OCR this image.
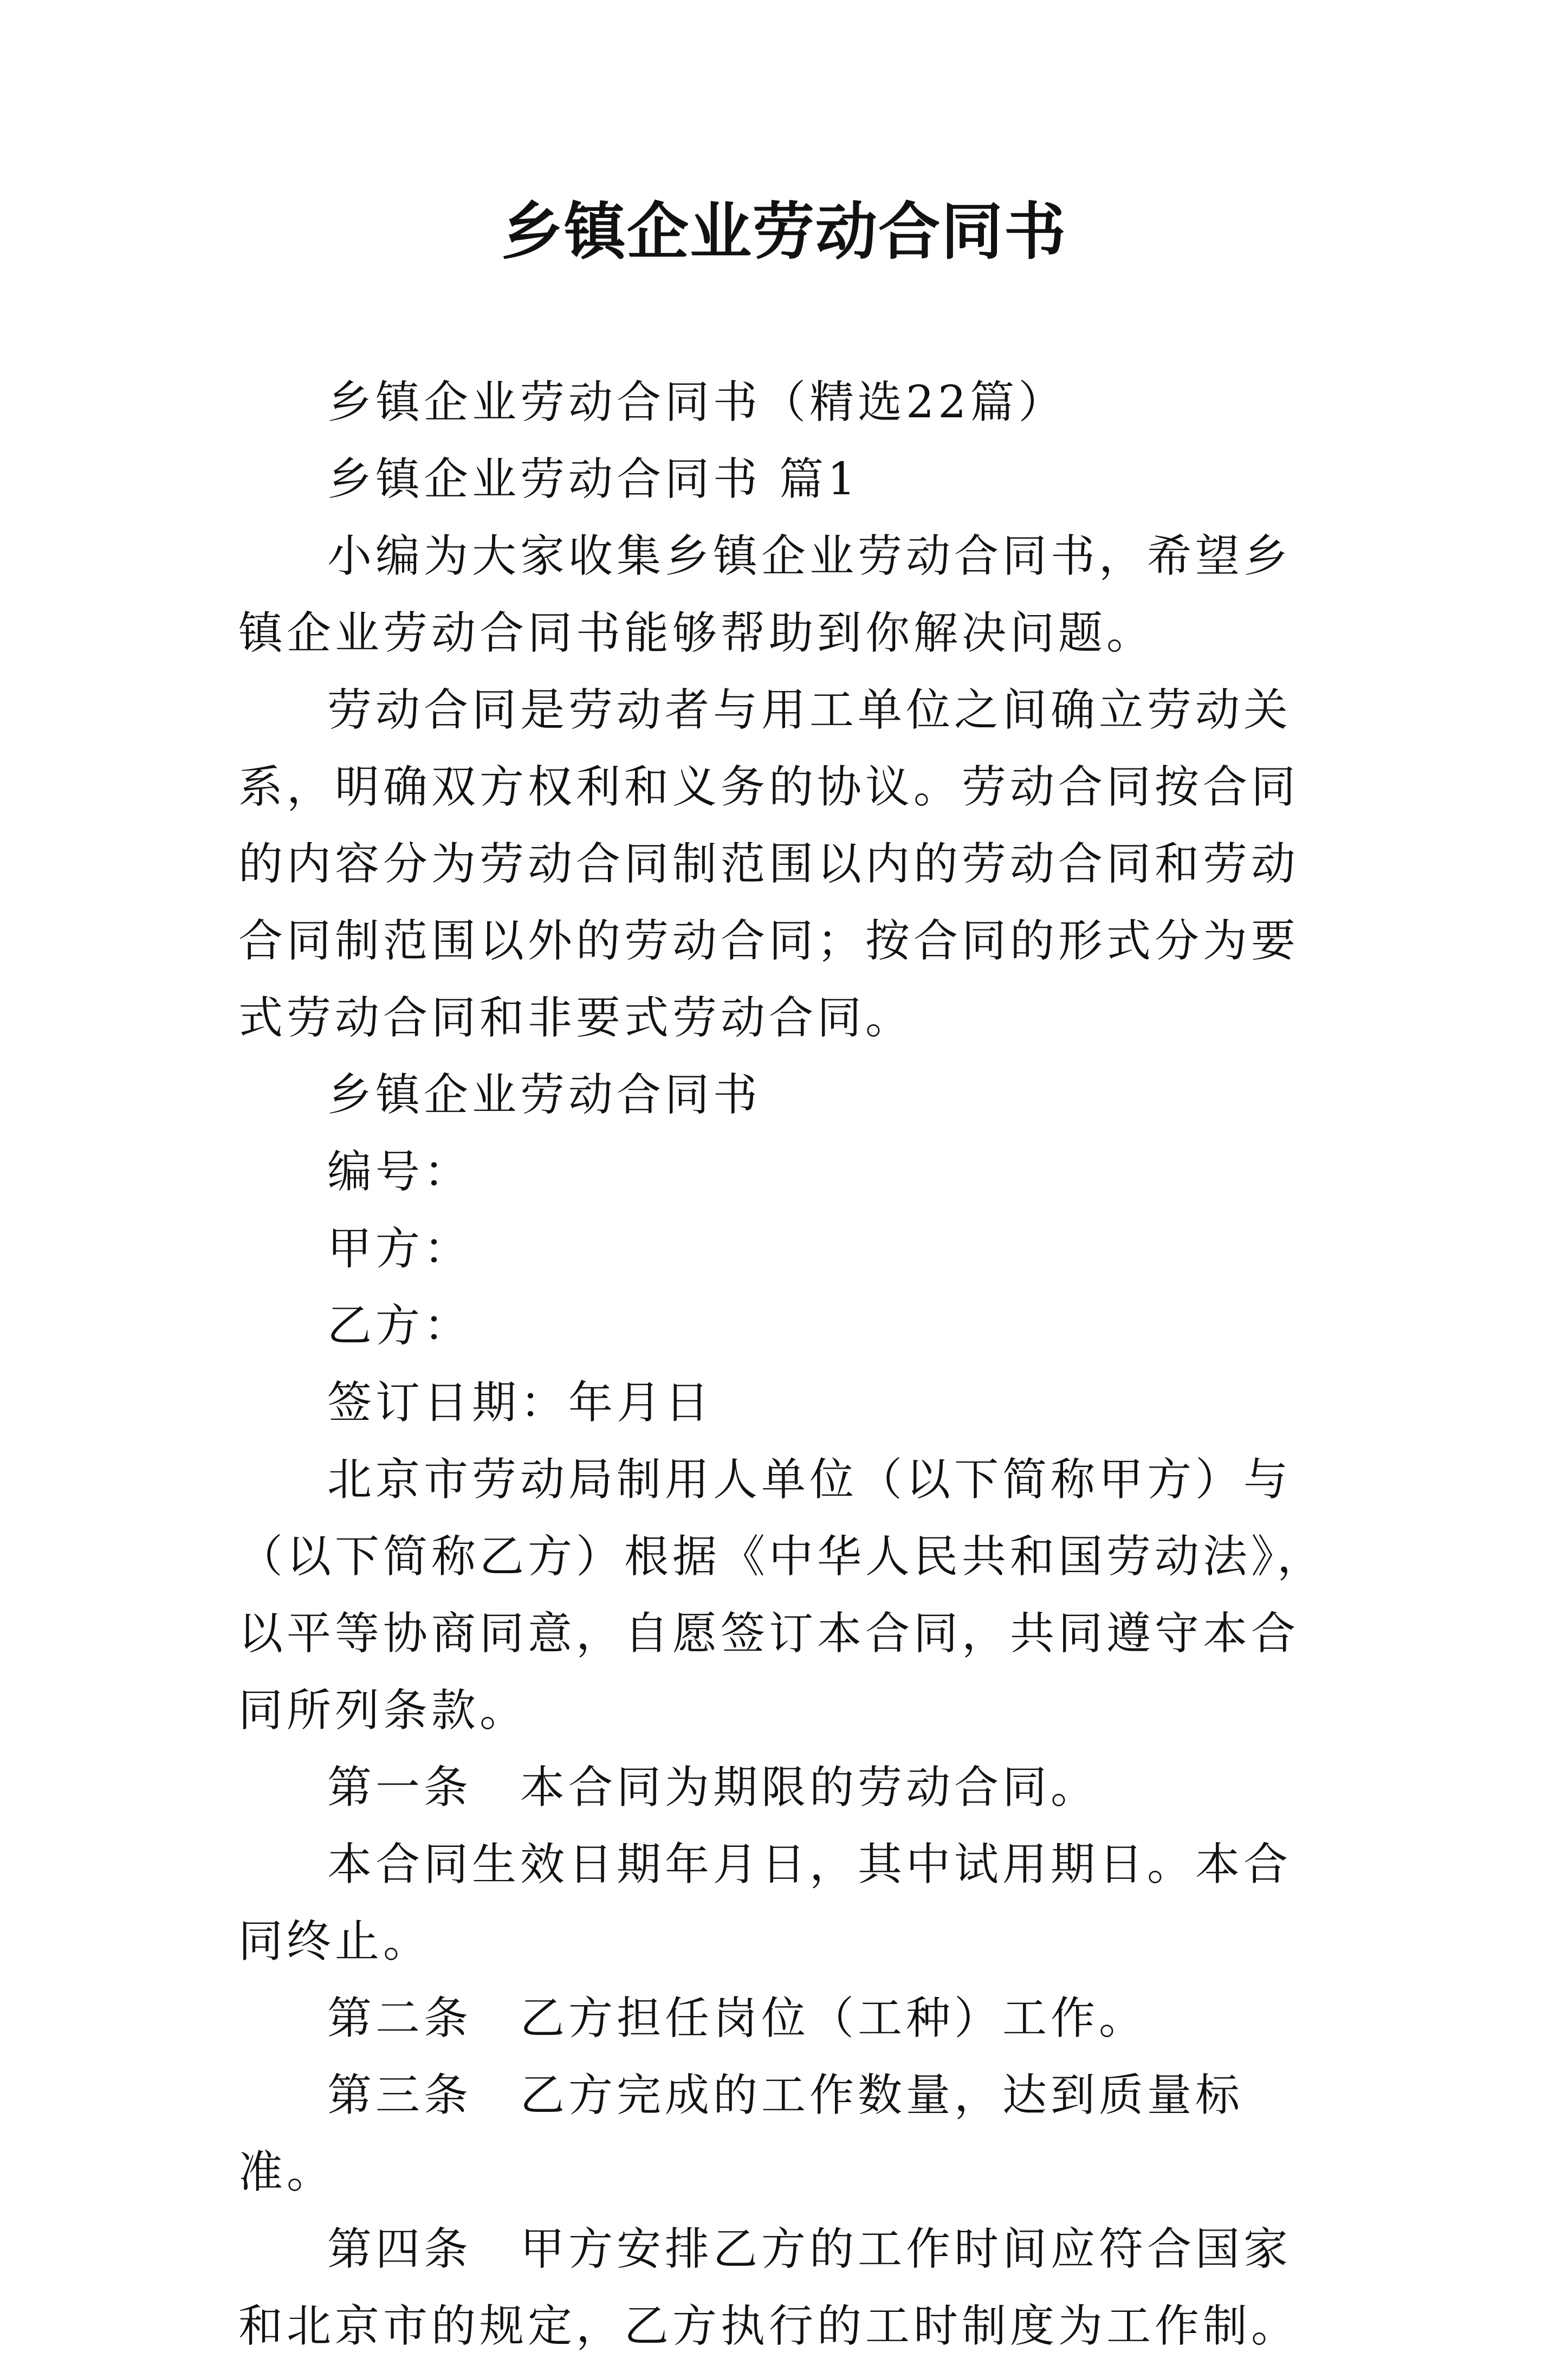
乡镇企业劳动合同书

乡镇企业劳动合同书（精选22篇）

乡镇企业劳动合同书 篇1

小编为大家收集乡镇企业劳动合同书，希望乡镇企业劳动合同书能够帮助到你解决问题。

劳动合同是劳动者与用工单位之间确立劳动关系，明确双方权利和义务的协议。劳动合同按合同的内容分为劳动合同制范围以内的劳动合同和劳动合同制范围以外的劳动合同；按合同的形式分为要式劳动合同和非要式劳动合同。

乡镇企业劳动合同书

编号：

甲方：

乙方：

签订日期：年月日

北京市劳动局制用人单位（以下简称甲方）与（以下简称乙方）根据《中华人民共和国劳动法》，以平等协商同意，自愿签订本合同，共同遵守本合同所列条款。

第一条　本合同为期限的劳动合同。

本合同生效日期年月日，其中试用期日。本合同终止。

第二条　乙方担任岗位（工种）工作。

第三条　乙方完成的工作数量，达到质量标准。

第四条　甲方安排乙方的工作时间应符合国家和北京市的规定，乙方执行的工时制度为工作制。
